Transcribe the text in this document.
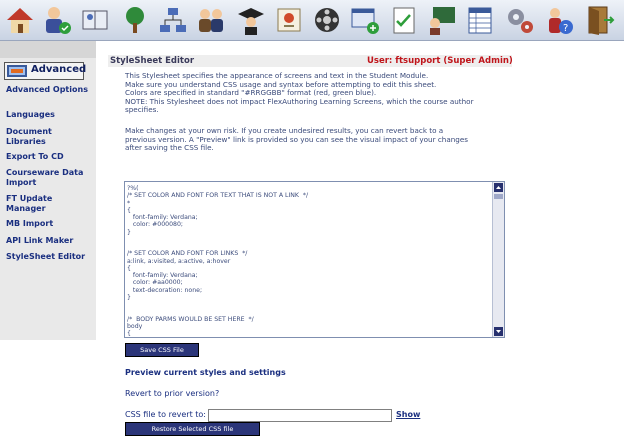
?
Advanced
Advanced Options
Languages
Document Libraries
Export To CD
Courseware Data Import
FT Update Manager
MB Import
API Link Maker
StyleSheet Editor
StyleSheet Editor	User: ftsupport (Super Admin)
This Stylesheet specifies the appearance of screens and text in the Student Module.
Make sure you understand CSS usage and syntax before attempting to edit this sheet.
Colors are specified in standard "#RRGGBB" format (red, green blue).
NOTE: This Stylesheet does not impact FlexAuthoring Learning Screens, which the course author
specifies.
Make changes at your own risk. If you create undesired results, you can revert back to a
previous version. A "Preview" link is provided so you can see the visual impact of your changes
after saving the CSS file.
?%(
/* SET COLOR AND FONT FOR TEXT THAT IS NOT A LINK  */
*
{
font-family: Verdana;
color: #000080;
}

/* SET COLOR AND FONT FOR LINKS  */
a:link, a:visited, a:active, a:hover
{
font-family: Verdana;
color: #aa0000;
text-decoration: none;
}

/*  BODY PARMS WOULD BE SET HERE  */
body
{
Save CSS File
Preview current styles and settings
Revert to prior version?
CSS file to revert to:	Show
Restore Selected CSS file
